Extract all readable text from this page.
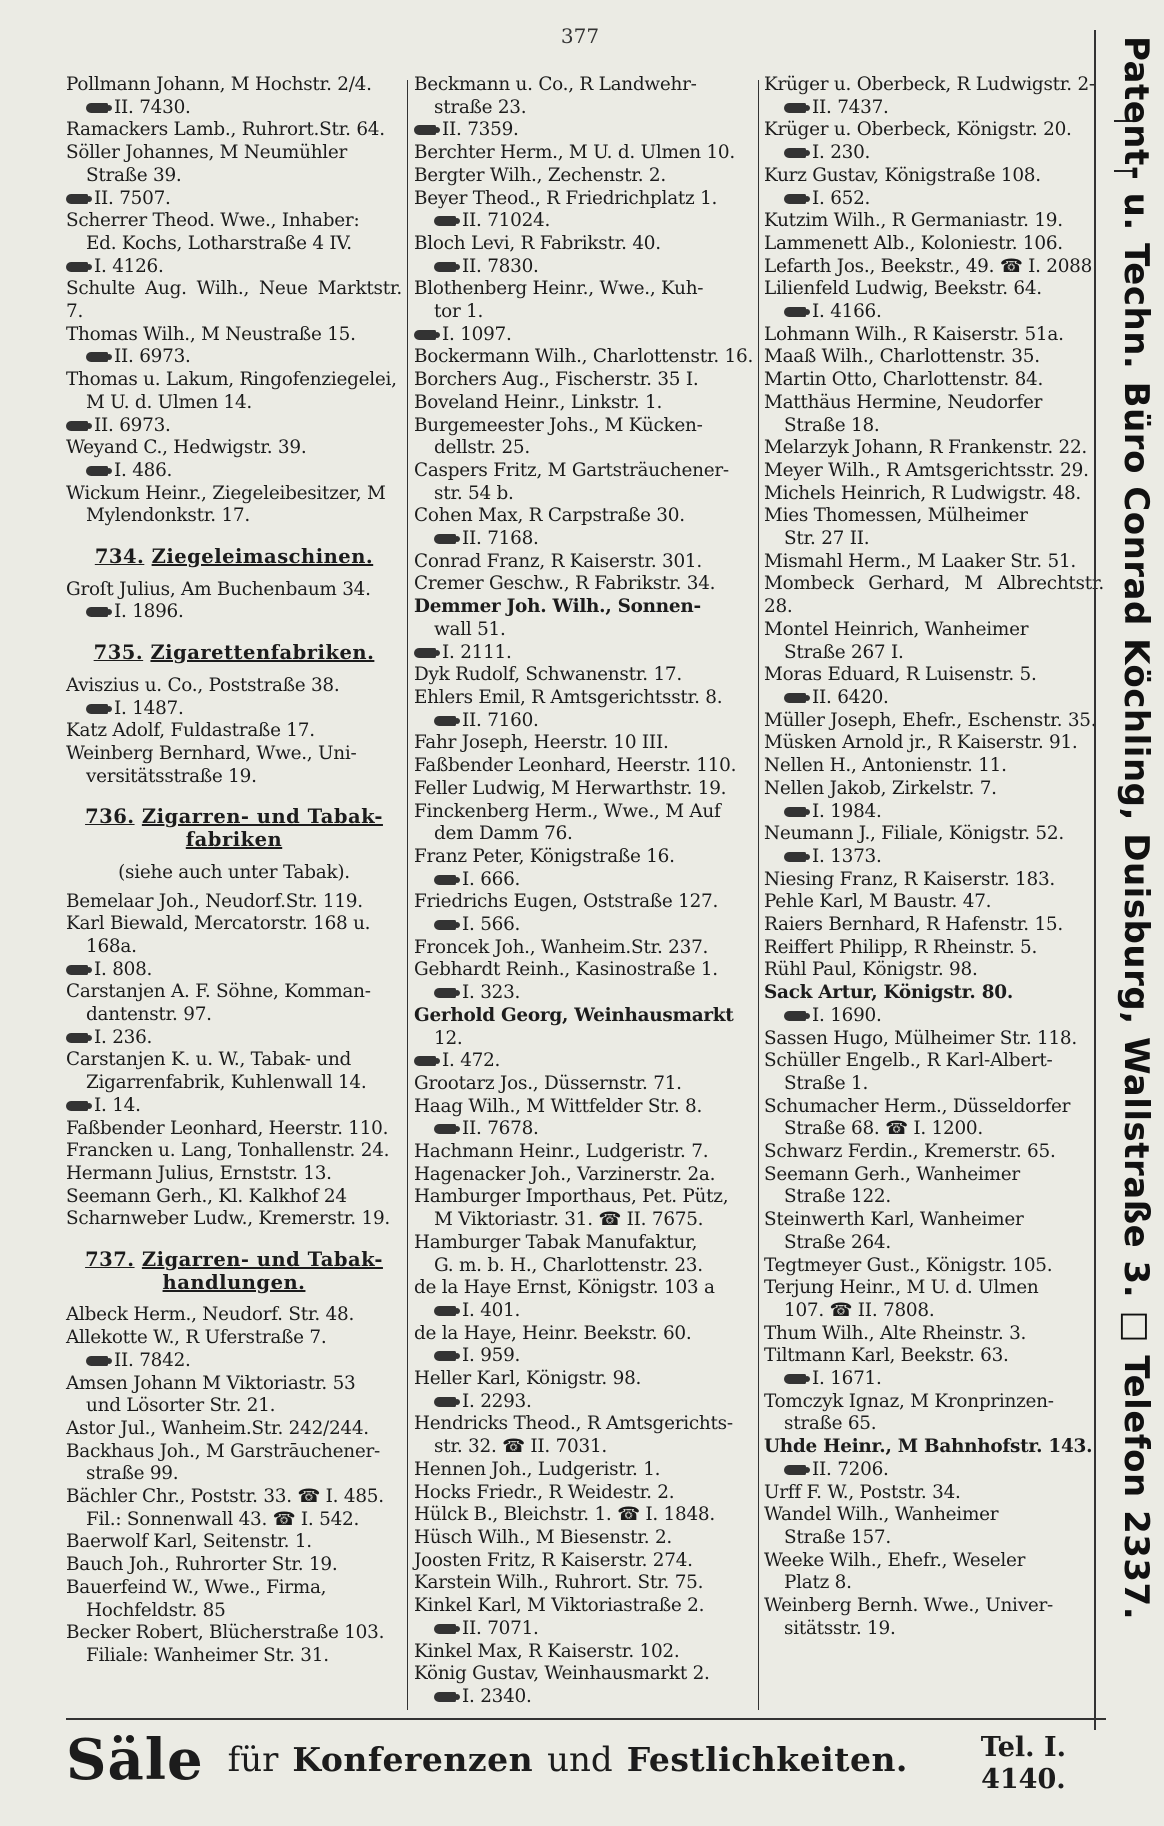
377

Pollmann Johann, M Hochstr. 2/4.
II. 7430.

Ramackers Lamb., Ruhrort.Str. 64.

Söller Johannes, M Neumühler
Straße 39.
II. 7507.

Scherrer Theod. Wwe., Inhaber:
Ed. Kochs, Lotharstraße 4 IV.
I. 4126.

Schulte Aug. Wilh., Neue Marktstr. 7.

Thomas Wilh., M Neustraße 15.
II. 6973.

Thomas u. Lakum, Ringofenziegelei,
M U. d. Ulmen 14.
II. 6973.

Weyand C., Hedwigstr. 39.
I. 486.

Wickum Heinr., Ziegeleibesitzer, M
Mylendonkstr. 17.

734. Ziegeleimaschinen.

Groſt Julius, Am Buchenbaum 34.
I. 1896.

735. Zigarettenfabriken.

Aviszius u. Co., Poststraße 38.
I. 1487.

Katz Adolf, Fuldastraße 17.

Weinberg Bernhard, Wwe., Uni-
versitätsstraße 19.

736. Zigarren- und Tabak- fabriken
(siehe auch unter Tabak).

Bemelaar Joh., Neudorf.Str. 119.

Karl Biewald, Mercatorstr. 168 u.
168a.
I. 808.

Carstanjen A. F. Söhne, Komman-
dantenstr. 97.
I. 236.

Carstanjen K. u. W., Tabak- und
Zigarrenfabrik, Kuhlenwall 14.
I. 14.

Faßbender Leonhard, Heerstr. 110.

Francken u. Lang, Tonhallenstr. 24.

Hermann Julius, Ernststr. 13.

Seemann Gerh., Kl. Kalkhof 24

Scharnweber Ludw., Kremerstr. 19.

737. Zigarren- und Tabak- handlungen.

Albeck Herm., Neudorf. Str. 48.

Allekotte W., R Uferstraße 7.
II. 7842.

Amsen Johann M Viktoriastr. 53
und Lösorter Str. 21.

Astor Jul., Wanheim.Str. 242/244.

Backhaus Joh., M Garstrāuchener-
straße 99.

Bächler Chr., Poststr. 33. ☎ I. 485.
Fil.: Sonnenwall 43. ☎ I. 542.

Baerwolf Karl, Seitenstr. 1.

Bauch Joh., Ruhrorter Str. 19.

Bauerfeind W., Wwe., Firma,
Hochfeldstr. 85

Becker Robert, Blücherstraße 103.
Filiale: Wanheimer Str. 31.

Beckmann u. Co., R Landwehr-
straße 23.
II. 7359.

Berchter Herm., M U. d. Ulmen 10.

Bergter Wilh., Zechenstr. 2.

Beyer Theod., R Friedrichplatz 1.
II. 71024.

Bloch Levi, R Fabrikstr. 40.
II. 7830.

Blothenberg Heinr., Wwe., Kuh-
tor 1.
I. 1097.

Bockermann Wilh., Charlottenstr. 16.

Borchers Aug., Fischerstr. 35 I.

Boveland Heinr., Linkstr. 1.

Burgemeester Johs., M Kücken-
dellstr. 25.

Caspers Fritz, M Gartsträuchener-
str. 54 b.

Cohen Max, R Carpstraße 30.
II. 7168.

Conrad Franz, R Kaiserstr. 301.

Cremer Geschw., R Fabrikstr. 34.

Demmer Joh. Wilh., Sonnen-
wall 51.
I. 2111.

Dyk Rudolf, Schwanenstr. 17.

Ehlers Emil, R Amtsgerichtsstr. 8.
II. 7160.

Fahr Joseph, Heerstr. 10 III.

Faßbender Leonhard, Heerstr. 110.

Feller Ludwig, M Herwarthstr. 19.

Finckenberg Herm., Wwe., M Auf
dem Damm 76.

Franz Peter, Königstraße 16.
I. 666.

Friedrichs Eugen, Oststraße 127.
I. 566.

Froncek Joh., Wanheim.Str. 237.

Gebhardt Reinh., Kasinostraße 1.
I. 323.

Gerhold Georg, Weinhausmarkt
12.
I. 472.

Grootarz Jos., Düssernstr. 71.

Haag Wilh., M Wittfelder Str. 8.
II. 7678.

Hachmann Heinr., Ludgeristr. 7.

Hagenacker Joh., Varzinerstr. 2a.

Hamburger Importhaus, Pet. Pütz,
M Viktoriastr. 31. ☎ II. 7675.

Hamburger Tabak Manufaktur,
G. m. b. H., Charlottenstr. 23.

de la Haye Ernst, Königstr. 103 a
I. 401.

de la Haye, Heinr. Beekstr. 60.
I. 959.

Heller Karl, Königstr. 98.
I. 2293.

Hendricks Theod., R Amtsgerichts-
str. 32. ☎ II. 7031.

Hennen Joh., Ludgeristr. 1.

Hocks Friedr., R Weidestr. 2.

Hülck B., Bleichstr. 1. ☎ I. 1848.

Hüsch Wilh., M Biesenstr. 2.

Joosten Fritz, R Kaiserstr. 274.

Karstein Wilh., Ruhrort. Str. 75.

Kinkel Karl, M Viktoriastraße 2.
II. 7071.

Kinkel Max, R Kaiserstr. 102.

König Gustav, Weinhausmarkt 2.
I. 2340.

Krüger u. Oberbeck, R Ludwigstr. 2-
II. 7437.

Krüger u. Oberbeck, Königstr. 20.
I. 230.

Kurz Gustav, Königstraße 108.
I. 652.

Kutzim Wilh., R Germaniastr. 19.

Lammenett Alb., Koloniestr. 106.

Lefarth Jos., Beekstr., 49. ☎ I. 2088

Lilienfeld Ludwig, Beekstr. 64.
I. 4166.

Lohmann Wilh., R Kaiserstr. 51a.

Maaß Wilh., Charlottenstr. 35.

Martin Otto, Charlottenstr. 84.

Matthäus Hermine, Neudorfer
Straße 18.

Melarzyk Johann, R Frankenstr. 22.

Meyer Wilh., R Amtsgerichtsstr. 29.

Michels Heinrich, R Ludwigstr. 48.

Mies Thomessen, Mülheimer
Str. 27 II.

Mismahl Herm., M Laaker Str. 51.

Mombeck Gerhard, M Albrechtstr. 28.

Montel Heinrich, Wanheimer
Straße 267 I.

Moras Eduard, R Luisenstr. 5.
II. 6420.

Müller Joseph, Ehefr., Eschenstr. 35.

Müsken Arnold jr., R Kaiserstr. 91.

Nellen H., Antonienstr. 11.

Nellen Jakob, Zirkelstr. 7.
I. 1984.

Neumann J., Filiale, Königstr. 52.
I. 1373.

Niesing Franz, R Kaiserstr. 183.

Pehle Karl, M Baustr. 47.

Raiers Bernhard, R Hafenstr. 15.

Reiffert Philipp, R Rheinstr. 5.

Rühl Paul, Königstr. 98.

Sack Artur, Königstr. 80.
I. 1690.

Sassen Hugo, Mülheimer Str. 118.

Schüller Engelb., R Karl-Albert-
Straße 1.

Schumacher Herm., Düsseldorfer
Straße 68. ☎ I. 1200.

Schwarz Ferdin., Kremerstr. 65.

Seemann Gerh., Wanheimer
Straße 122.

Steinwerth Karl, Wanheimer
Straße 264.

Tegtmeyer Gust., Königstr. 105.

Terjung Heinr., M U. d. Ulmen
107. ☎ II. 7808.

Thum Wilh., Alte Rheinstr. 3.

Tiltmann Karl, Beekstr. 63.
I. 1671.

Tomczyk Ignaz, M Kronprinzen-
straße 65.

Uhde Heinr., M Bahnhofstr. 143.
II. 7206.

Urff F. W., Poststr. 34.

Wandel Wilh., Wanheimer
Straße 157.

Weeke Wilh., Ehefr., Weseler
Platz 8.

Weinberg Bernh. Wwe., Univer-
sitätsstr. 19.

Patent- u. Techn. Büro Conrad Köchling, Duisburg, Wallstraße 3. □ Telefon 2337.
Säle für Konferenzen und Festlichkeiten.	Tel. I.
4140.
